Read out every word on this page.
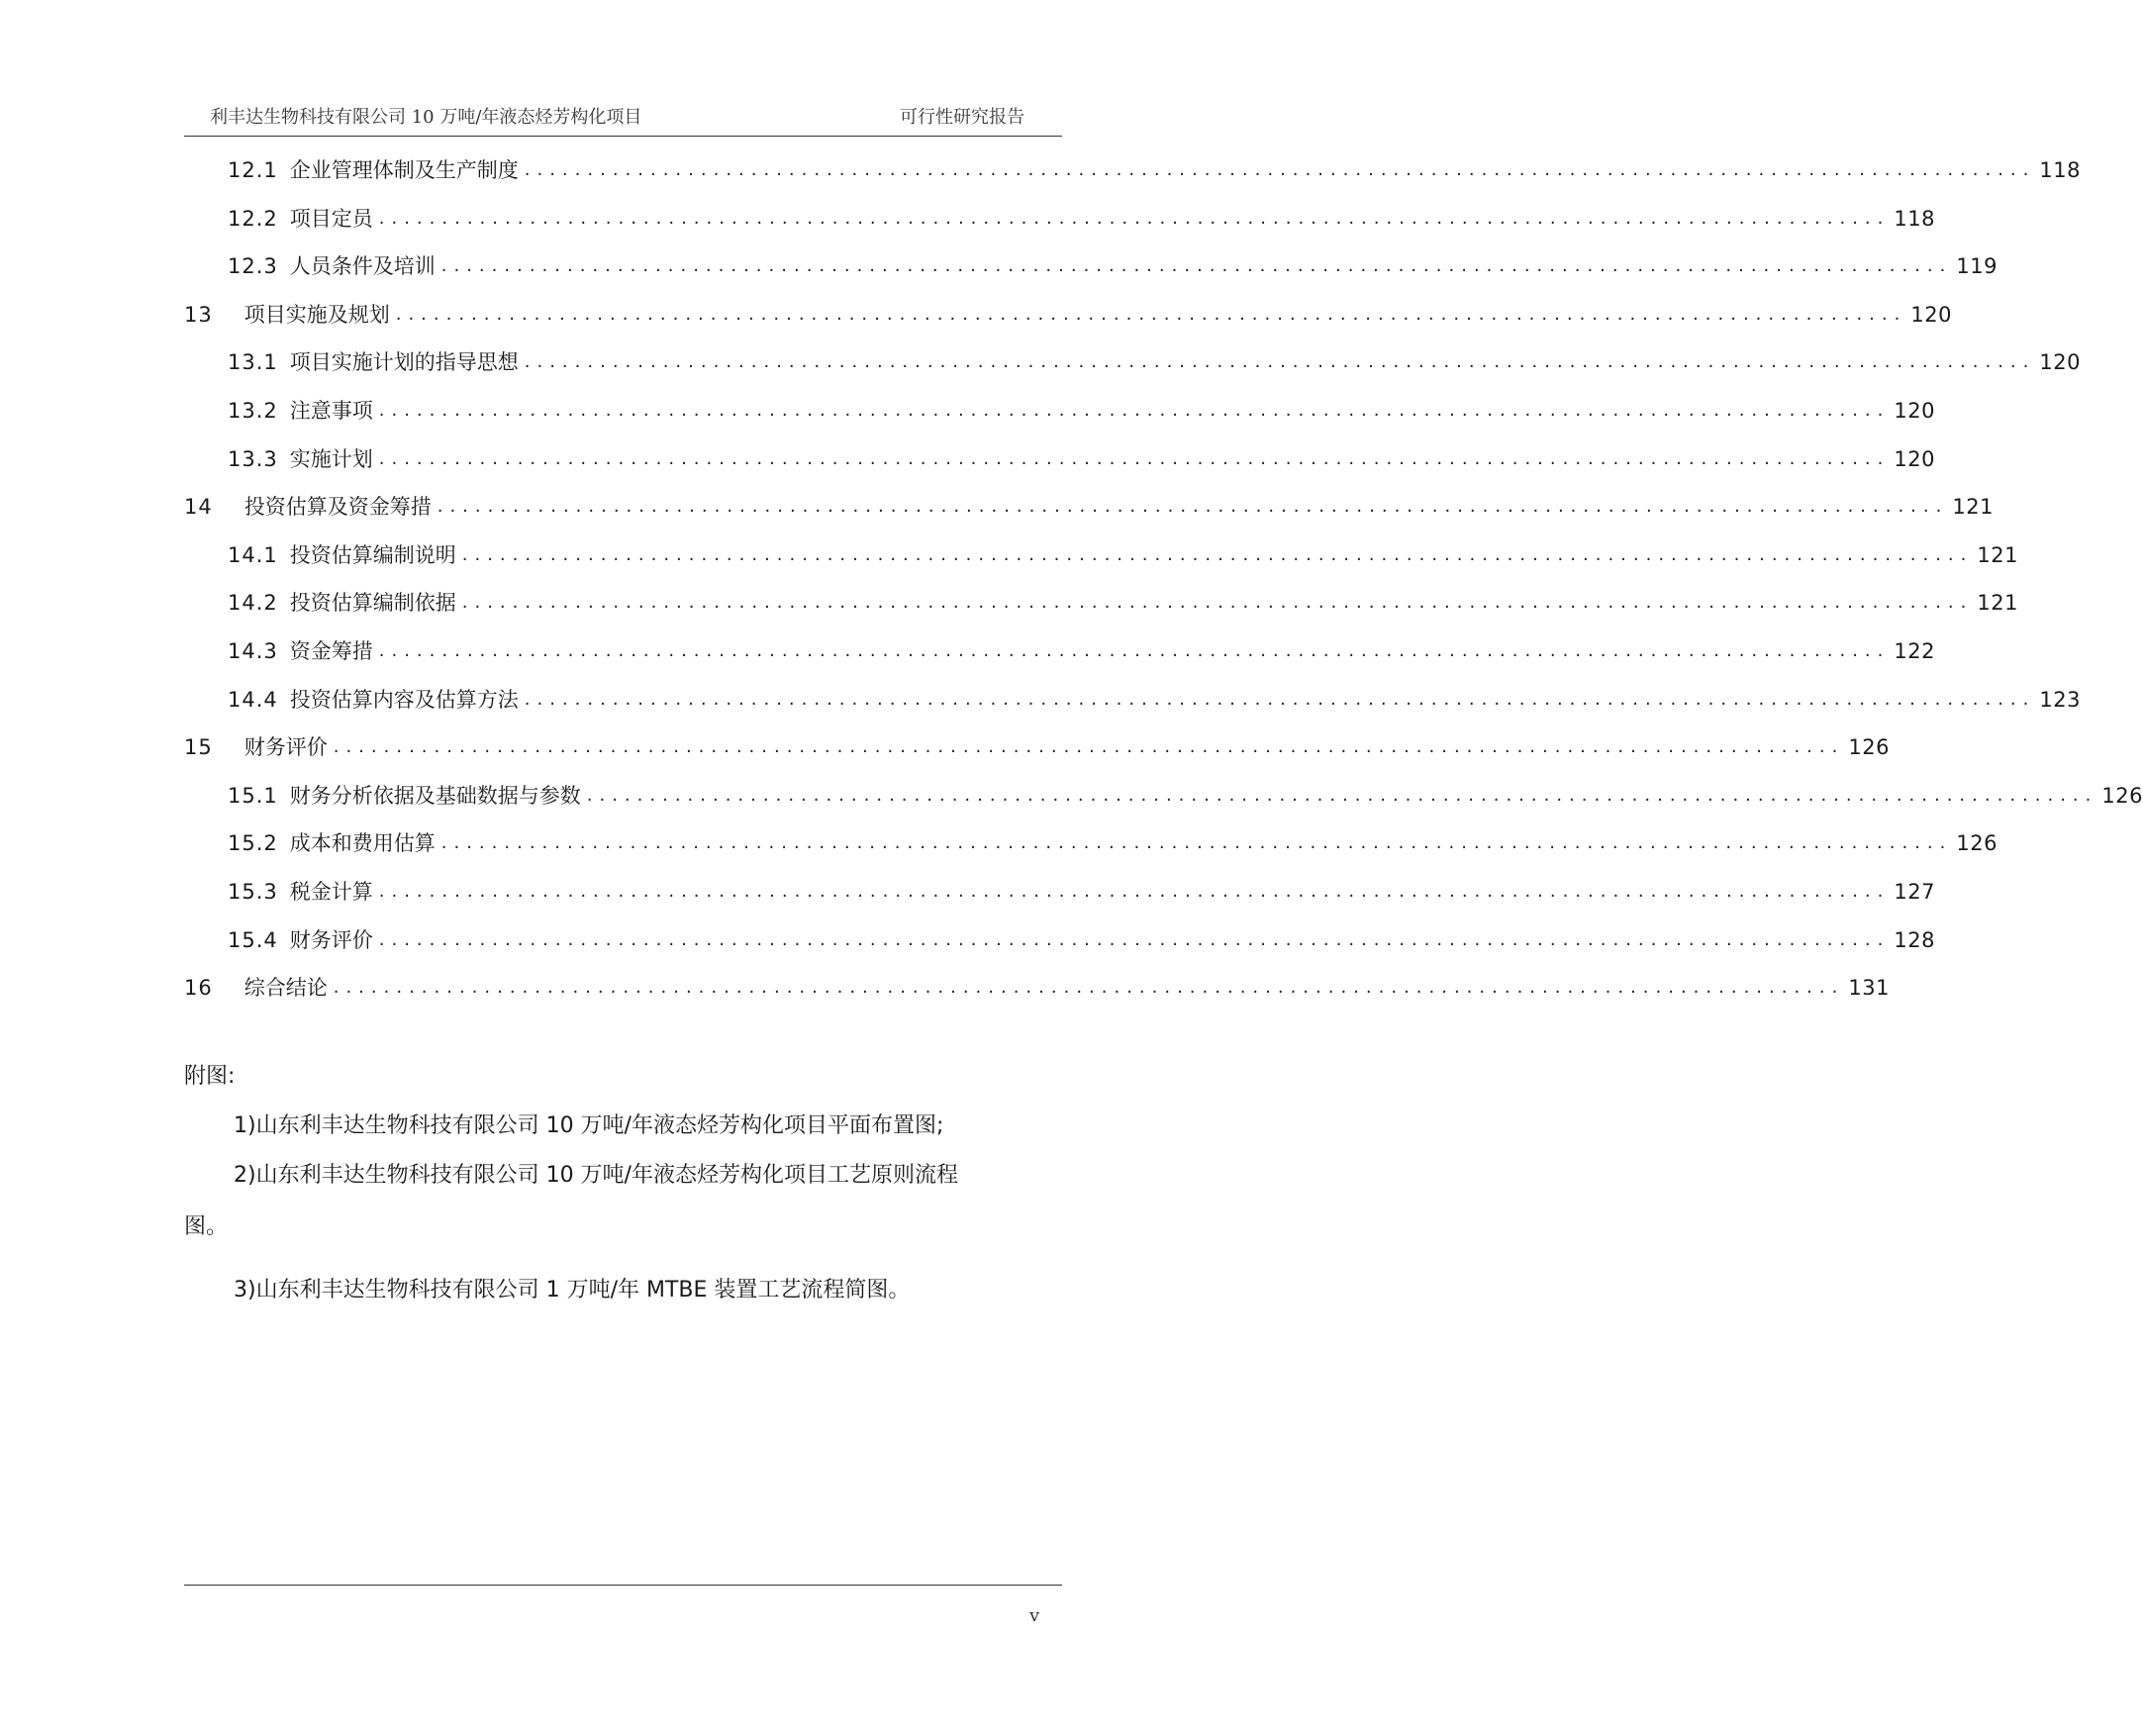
利丰达生物科技有限公司 10 万吨/年液态烃芳构化项目	可行性研究报告
12.1 企业管理体制及生产制度 ........................................................................................................................ 118
12.2 项目定员 ........................................................................................................................ 118
12.3 人员条件及培训 ........................................................................................................................ 119
13 项目实施及规划 ........................................................................................................................ 120
13.1 项目实施计划的指导思想 ........................................................................................................................ 120
13.2 注意事项 ........................................................................................................................ 120
13.3 实施计划 ........................................................................................................................ 120
14 投资估算及资金筹措 ........................................................................................................................ 121
14.1 投资估算编制说明 ........................................................................................................................ 121
14.2 投资估算编制依据 ........................................................................................................................ 121
14.3 资金筹措 ........................................................................................................................ 122
14.4 投资估算内容及估算方法 ........................................................................................................................ 123
15 财务评价 ........................................................................................................................ 126
15.1 财务分析依据及基础数据与参数 ........................................................................................................................ 126
15.2 成本和费用估算 ........................................................................................................................ 126
15.3 税金计算 ........................................................................................................................ 127
15.4 财务评价 ........................................................................................................................ 128
16 综合结论 ........................................................................................................................ 131
附图:
1)山东利丰达生物科技有限公司 10 万吨/年液态烃芳构化项目平面布置图;
2)山东利丰达生物科技有限公司 10 万吨/年液态烃芳构化项目工艺原则流程
图。
3)山东利丰达生物科技有限公司 1 万吨/年 MTBE 装置工艺流程简图。
v
